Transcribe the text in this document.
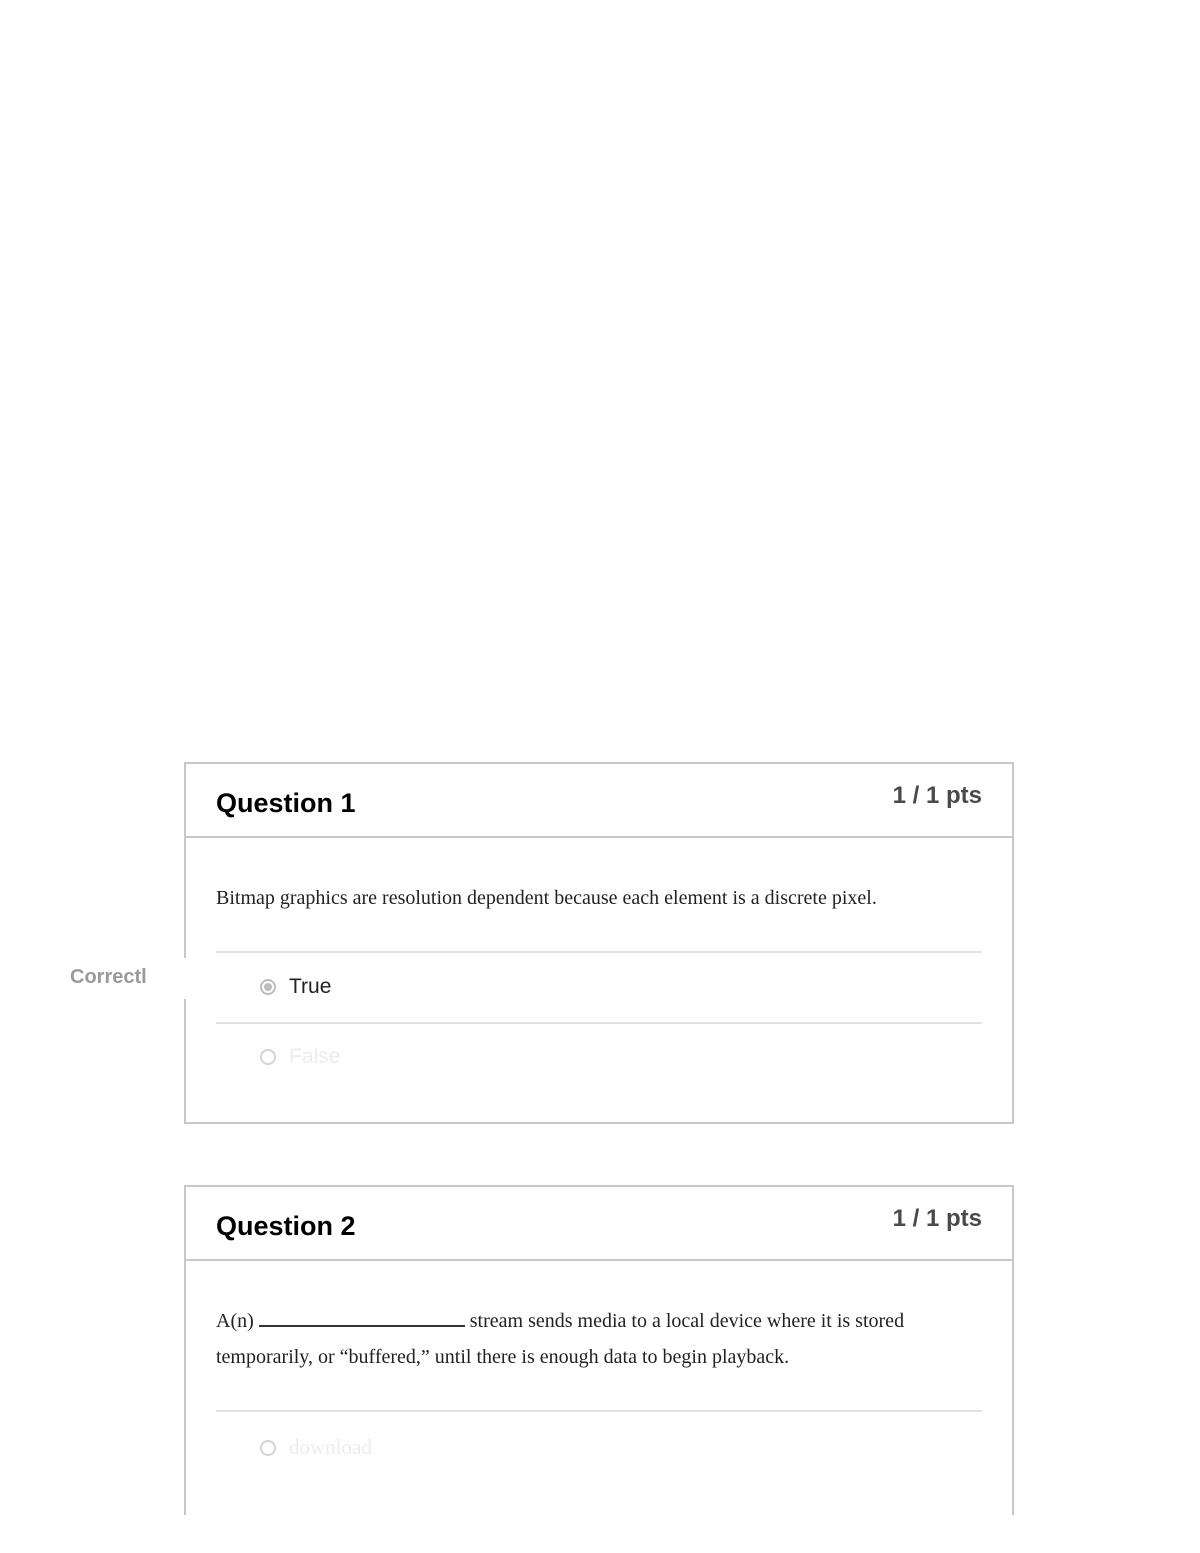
Correctl
Question 1	1 / 1 pts
Bitmap graphics are resolution dependent because each element is a discrete pixel.
True
False
Question 2	1 / 1 pts
A(n)	stream sends media to a local device where it is stored temporarily, or “buffered,” until there is enough data to begin playback.
download
